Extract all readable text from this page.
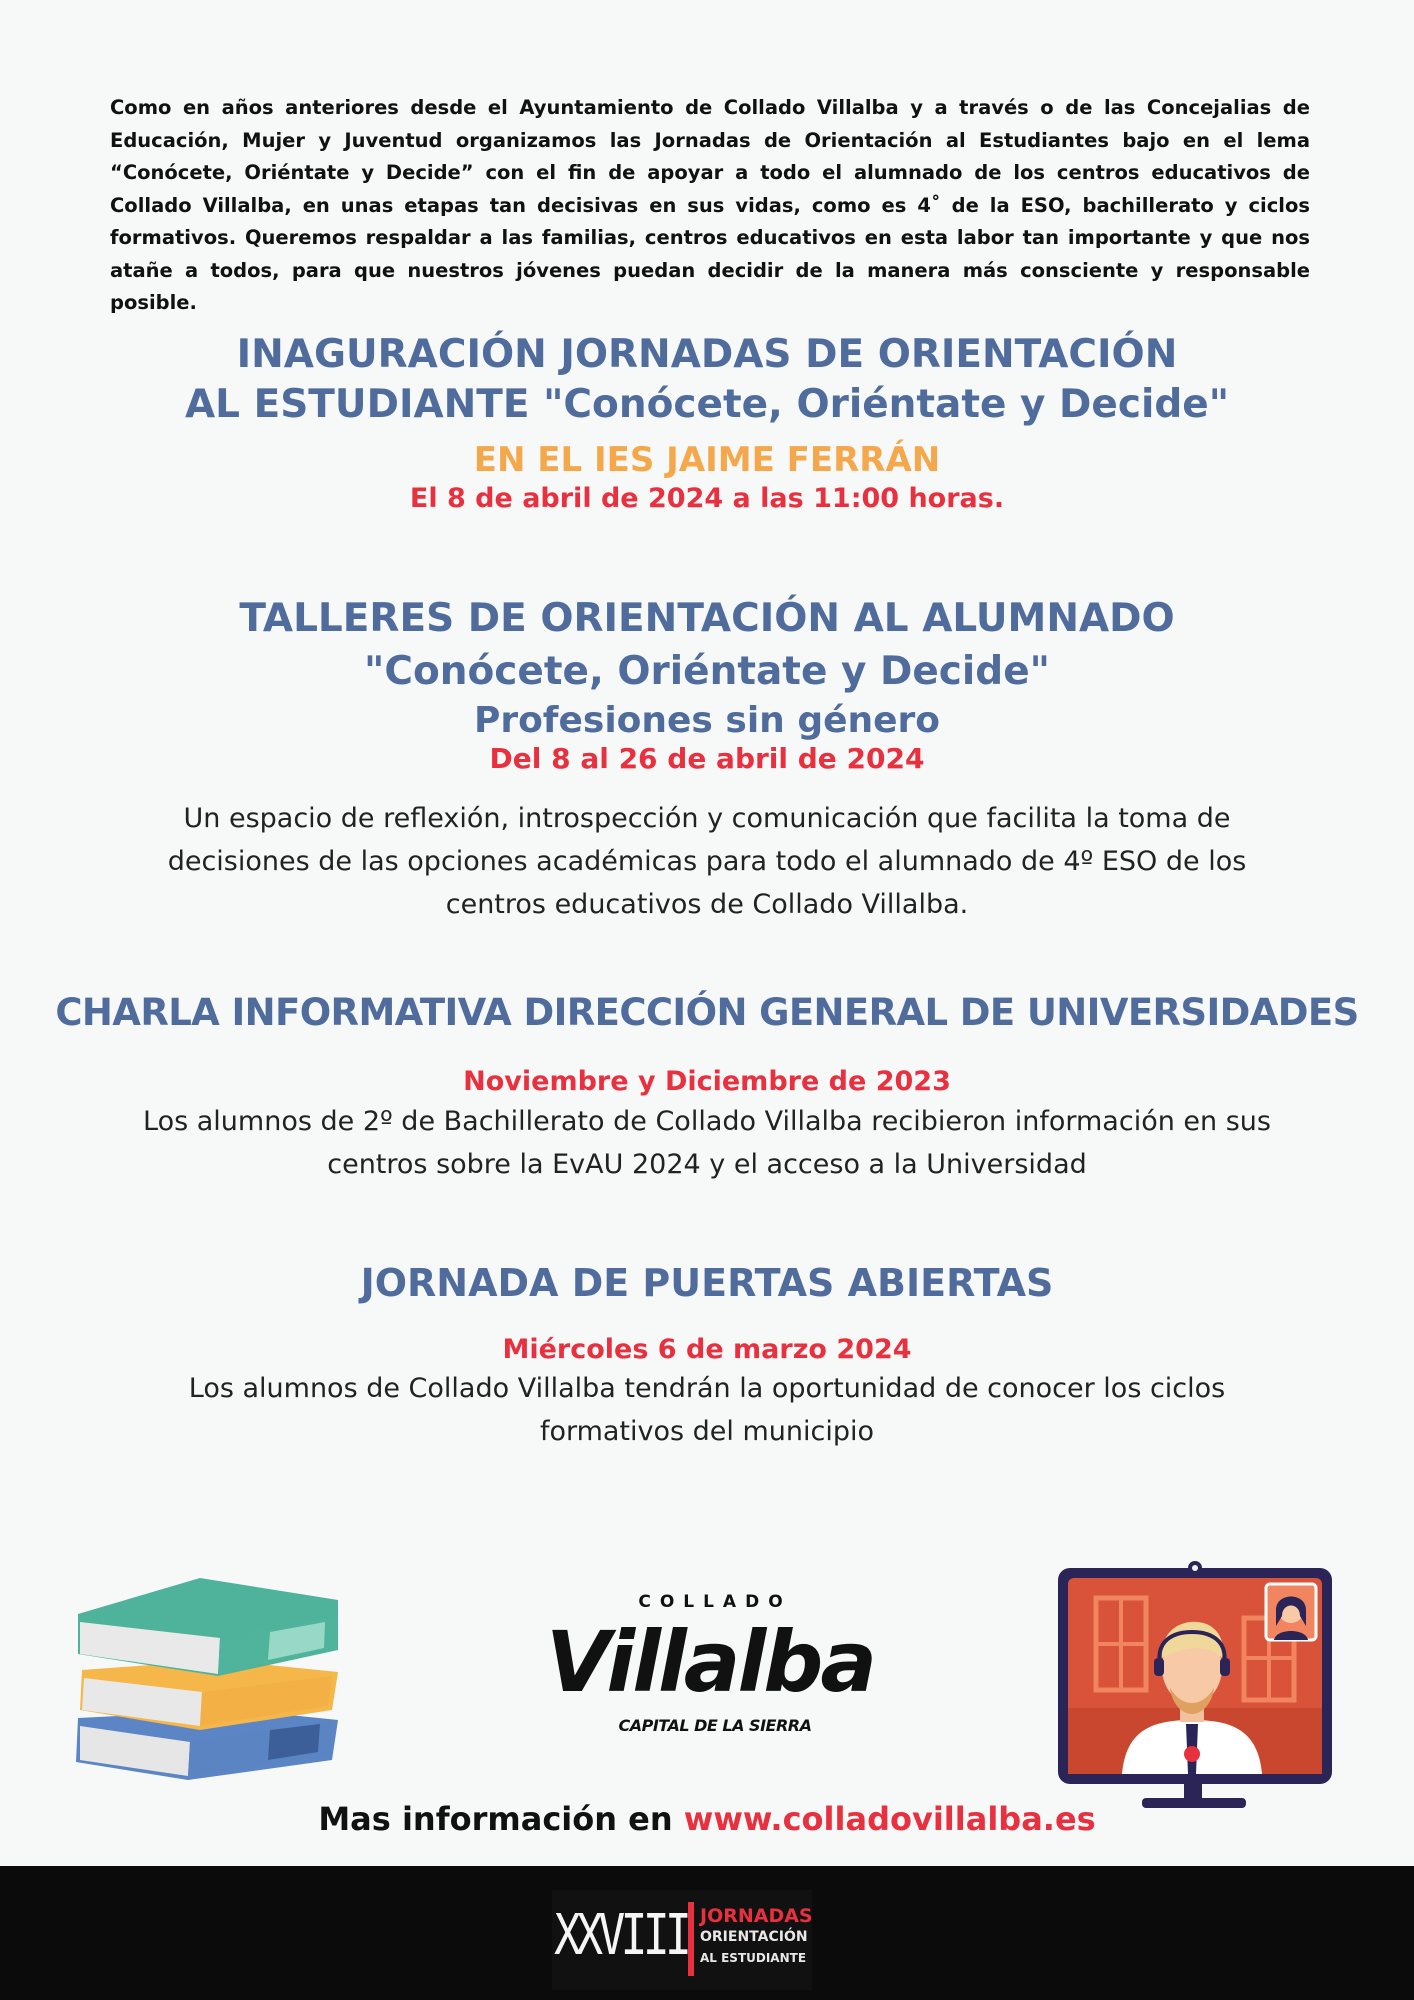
Como en años anteriores desde el Ayuntamiento de Collado Villalba y a través o de las Concejalias de Educación, Mujer y Juventud organizamos las Jornadas de Orientación al Estudiantes bajo en el lema “Conócete, Oriéntate y Decide” con el fin de apoyar a todo el alumnado de los centros educativos de Collado Villalba, en unas etapas tan decisivas en sus vidas, como es 4˚ de la ESO, bachillerato y ciclos formativos. Queremos respaldar a las familias, centros educativos en esta labor tan importante y que nos atañe a todos, para que nuestros jóvenes puedan decidir de la manera más consciente y responsable posible.
INAGURACIÓN JORNADAS DE ORIENTACIÓN
AL ESTUDIANTE "Conócete, Oriéntate y Decide"
EN EL IES JAIME FERRÁN
El 8 de abril de 2024 a las 11:00 horas.
TALLERES DE ORIENTACIÓN AL ALUMNADO
"Conócete, Oriéntate y Decide"
Profesiones sin género
Del 8 al 26 de abril de 2024
Un espacio de reflexión, introspección y comunicación que facilita la toma de
decisiones de las opciones académicas para todo el alumnado de 4º ESO de los
centros educativos de Collado Villalba.
CHARLA INFORMATIVA DIRECCIÓN GENERAL DE UNIVERSIDADES
Noviembre y Diciembre de 2023
Los alumnos de 2º de Bachillerato de Collado Villalba recibieron información en sus
centros sobre la EvAU 2024 y el acceso a la Universidad
JORNADA DE PUERTAS ABIERTAS
Miércoles 6 de marzo 2024
Los alumnos de Collado Villalba tendrán la oportunidad de conocer los ciclos
formativos del municipio
COLLADO
Villalba
CAPITAL DE LA SIERRA
Mas información en www.colladovillalba.es
XXVIII JORNADAS
ORIENTACIÓN
AL ESTUDIANTE
